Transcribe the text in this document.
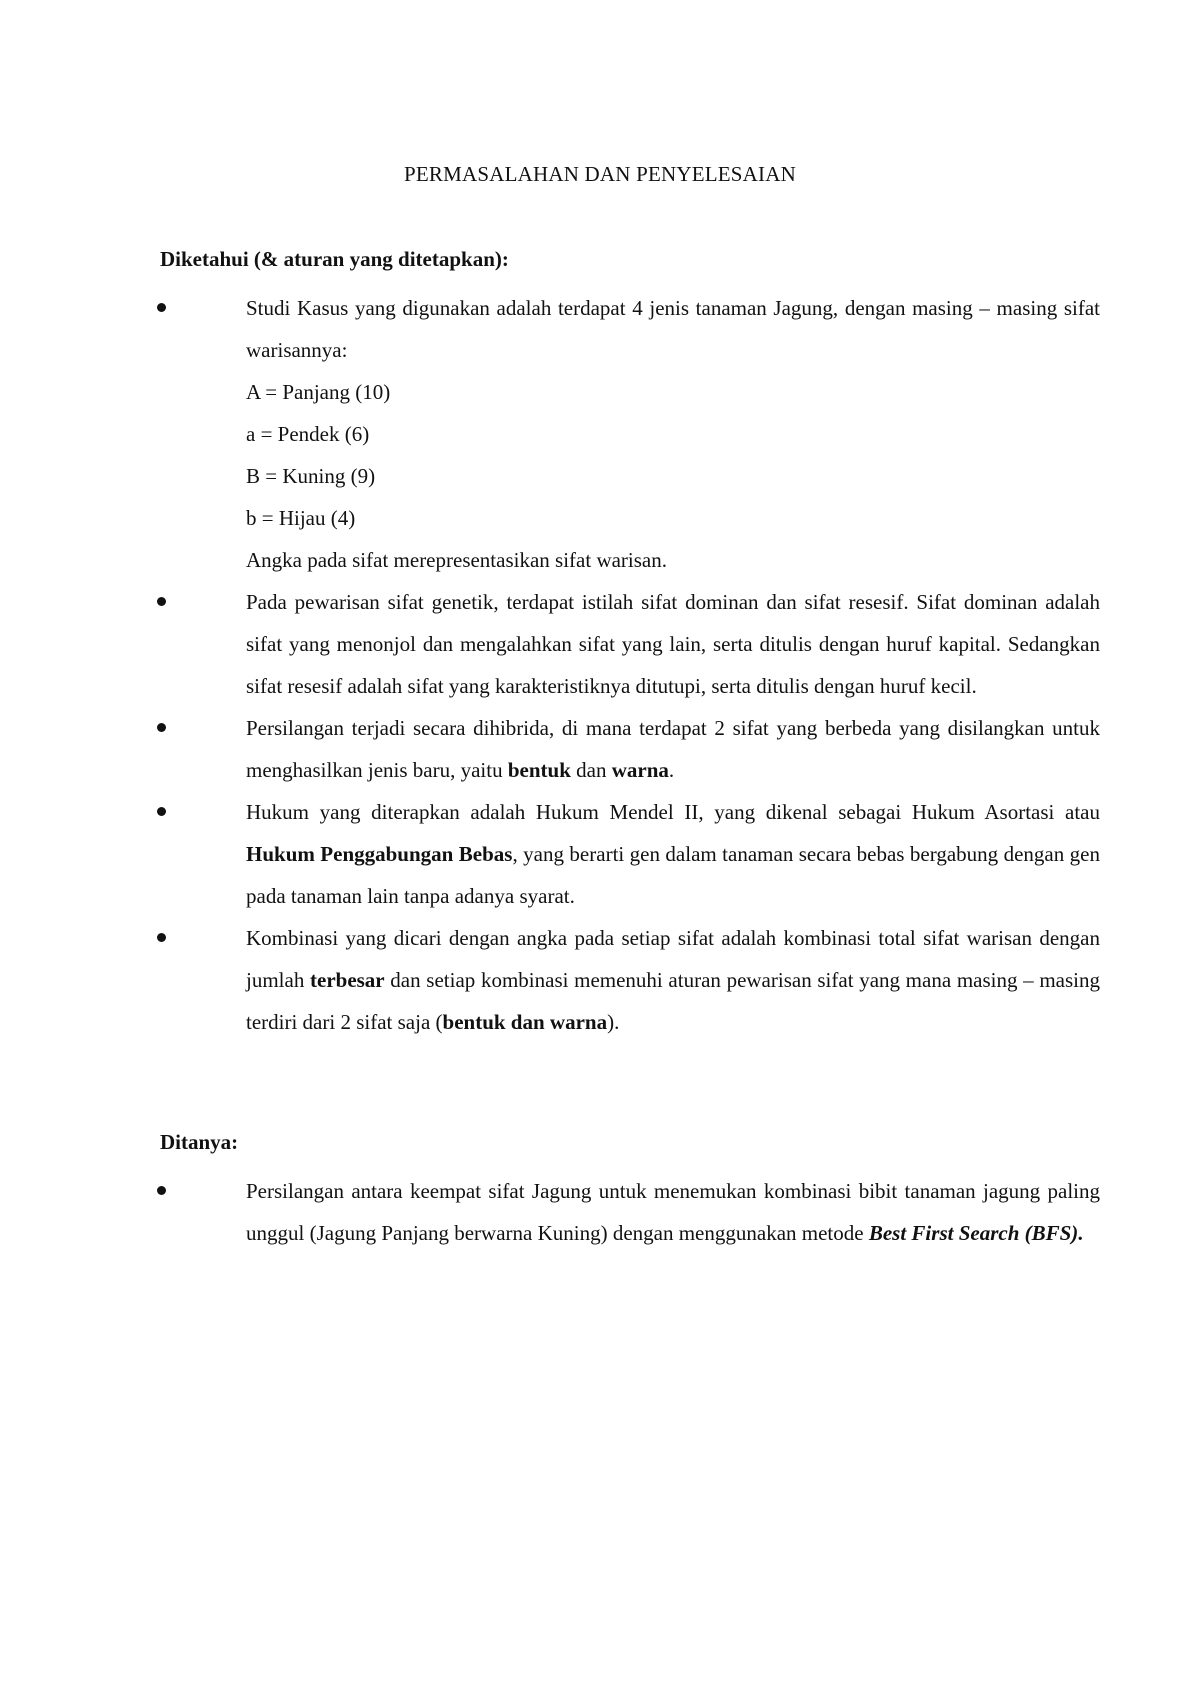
PERMASALAHAN DAN PENYELESAIAN
Diketahui (& aturan yang ditetapkan):
Studi Kasus yang digunakan adalah terdapat 4 jenis tanaman Jagung, dengan masing – masing sifat warisannya:
A = Panjang (10)
a = Pendek (6)
B = Kuning (9)
b = Hijau (4)
Angka pada sifat merepresentasikan sifat warisan.
Pada pewarisan sifat genetik, terdapat istilah sifat dominan dan sifat resesif. Sifat dominan adalah sifat yang menonjol dan mengalahkan sifat yang lain, serta ditulis dengan huruf kapital. Sedangkan sifat resesif adalah sifat yang karakteristiknya ditutupi, serta ditulis dengan huruf kecil.
Persilangan terjadi secara dihibrida, di mana terdapat 2 sifat yang berbeda yang disilangkan untuk menghasilkan jenis baru, yaitu bentuk dan warna.
Hukum yang diterapkan adalah Hukum Mendel II, yang dikenal sebagai Hukum Asortasi atau Hukum Penggabungan Bebas, yang berarti gen dalam tanaman secara bebas bergabung dengan gen pada tanaman lain tanpa adanya syarat.
Kombinasi yang dicari dengan angka pada setiap sifat adalah kombinasi total sifat warisan dengan jumlah terbesar dan setiap kombinasi memenuhi aturan pewarisan sifat yang mana masing – masing terdiri dari 2 sifat saja (bentuk dan warna).
Ditanya:
Persilangan antara keempat sifat Jagung untuk menemukan kombinasi bibit tanaman jagung paling unggul (Jagung Panjang berwarna Kuning) dengan menggunakan metode Best First Search (BFS).
